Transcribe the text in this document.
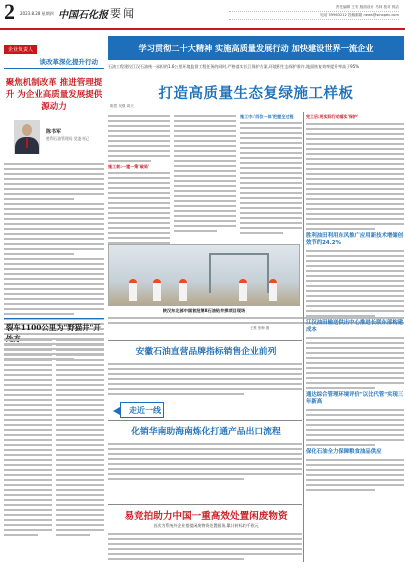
2 2023.8.28 星期四 中国石化报 要闻	责任编辑 王安 版面设计 马帅 校对 郭洁
电话 59963212 投稿邮箱 news@sinopec.com
学习贯彻二十大精神 实施高质量发展行动 加快建设世界一流企业
企业负责人
谈改革深化提升行动
聚焦机制改革 推进管理提升 为企业高质量发展提供源动力
陈书军
胜利石油管理局 党委书记
裂车1100公里为"野猫井"开
石油工程建设江汉石油统一承担的1.6公里环境监督工程任务的同时,严格落实长江保护方案,环境积生态保护准许,地面恢复效率提升率高于95%
打造高质量生态复绿施工样板
陈思 吴强 周天
施工前:一建一策'破局'
施工中:'四位一体'把握全过程
陕汉东北部中国首批第8石油钻井探项目现场
王维 张梅 摄
完工后:用实际行动落实'保护'
胜利油田利用东风推广应用新技术增储创效节约24.2%
江汉油田输送供出中心推进长联东部构建成本
通达综合管理环境评价"以比代管"实现三年新高
保化石油全力保障粮食油品供应
安徽石油直营品牌指标销售企业前列
走近一线
化销华南助海南炼化打通产品出口流程
易竞拍助力中国一重高效处置闲废物资
首次为系统外企业搭提闲废物资处置服务,累计转标约千欧元
